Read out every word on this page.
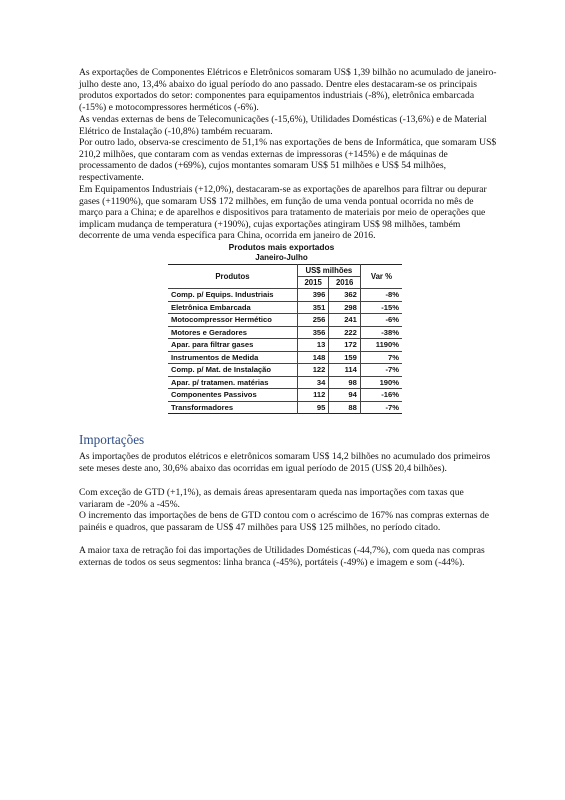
As exportações de Componentes Elétricos e Eletrônicos somaram US$ 1,39 bilhão no acumulado de janeiro-julho deste ano, 13,4% abaixo do igual período do ano passado. Dentre eles destacaram-se os principais produtos exportados do setor: componentes para equipamentos industriais (-8%), eletrônica embarcada (-15%) e motocompressores herméticos (-6%).

As vendas externas de bens de Telecomunicações (-15,6%), Utilidades Domésticas (-13,6%) e de Material Elétrico de Instalação (-10,8%) também recuaram.

Por outro lado, observa-se crescimento de 51,1% nas exportações de bens de Informática, que somaram US$ 210,2 milhões, que contaram com as vendas externas de impressoras (+145%) e de máquinas de processamento de dados (+69%), cujos montantes somaram US$ 51 milhões e US$ 54 milhões, respectivamente.

Em Equipamentos Industriais (+12,0%), destacaram-se as exportações de aparelhos para filtrar ou depurar gases (+1190%), que somaram US$ 172 milhões, em função de uma venda pontual ocorrida no mês de março para a China; e de aparelhos e dispositivos para tratamento de materiais por meio de operações que implicam mudança de temperatura (+190%), cujas exportações atingiram US$ 98 milhões, também decorrente de uma venda específica para China, ocorrida em janeiro de 2016.

Produtos mais exportados
Janeiro-Julho
Produtos	US$ milhões		Var %
	2015	2016	
Comp. p/ Equips. Industriais	396	362	-8%
Eletrônica Embarcada	351	298	-15%
Motocompressor Hermético	256	241	-6%
Motores e Geradores	356	222	-38%
Apar. para filtrar gases	13	172	1190%
Instrumentos de Medida	148	159	7%
Comp. p/ Mat. de Instalação	122	114	-7%
Apar. p/ tratamen. matérias	34	98	190%
Componentes Passivos	112	94	-16%
Transformadores	95	88	-7%
Importações

As importações de produtos elétricos e eletrônicos somaram US$ 14,2 bilhões no acumulado dos primeiros sete meses deste ano, 30,6% abaixo das ocorridas em igual período de 2015 (US$ 20,4 bilhões).

Com exceção de GTD (+1,1%), as demais áreas apresentaram queda nas importações com taxas que variaram de -20% a -45%.

O incremento das importações de bens de GTD contou com o acréscimo de 167% nas compras externas de painéis e quadros, que passaram de US$ 47 milhões para US$ 125 milhões, no período citado.

A maior taxa de retração foi das importações de Utilidades Domésticas (-44,7%), com queda nas compras externas de todos os seus segmentos: linha branca (-45%), portáteis (-49%) e imagem e som (-44%).
